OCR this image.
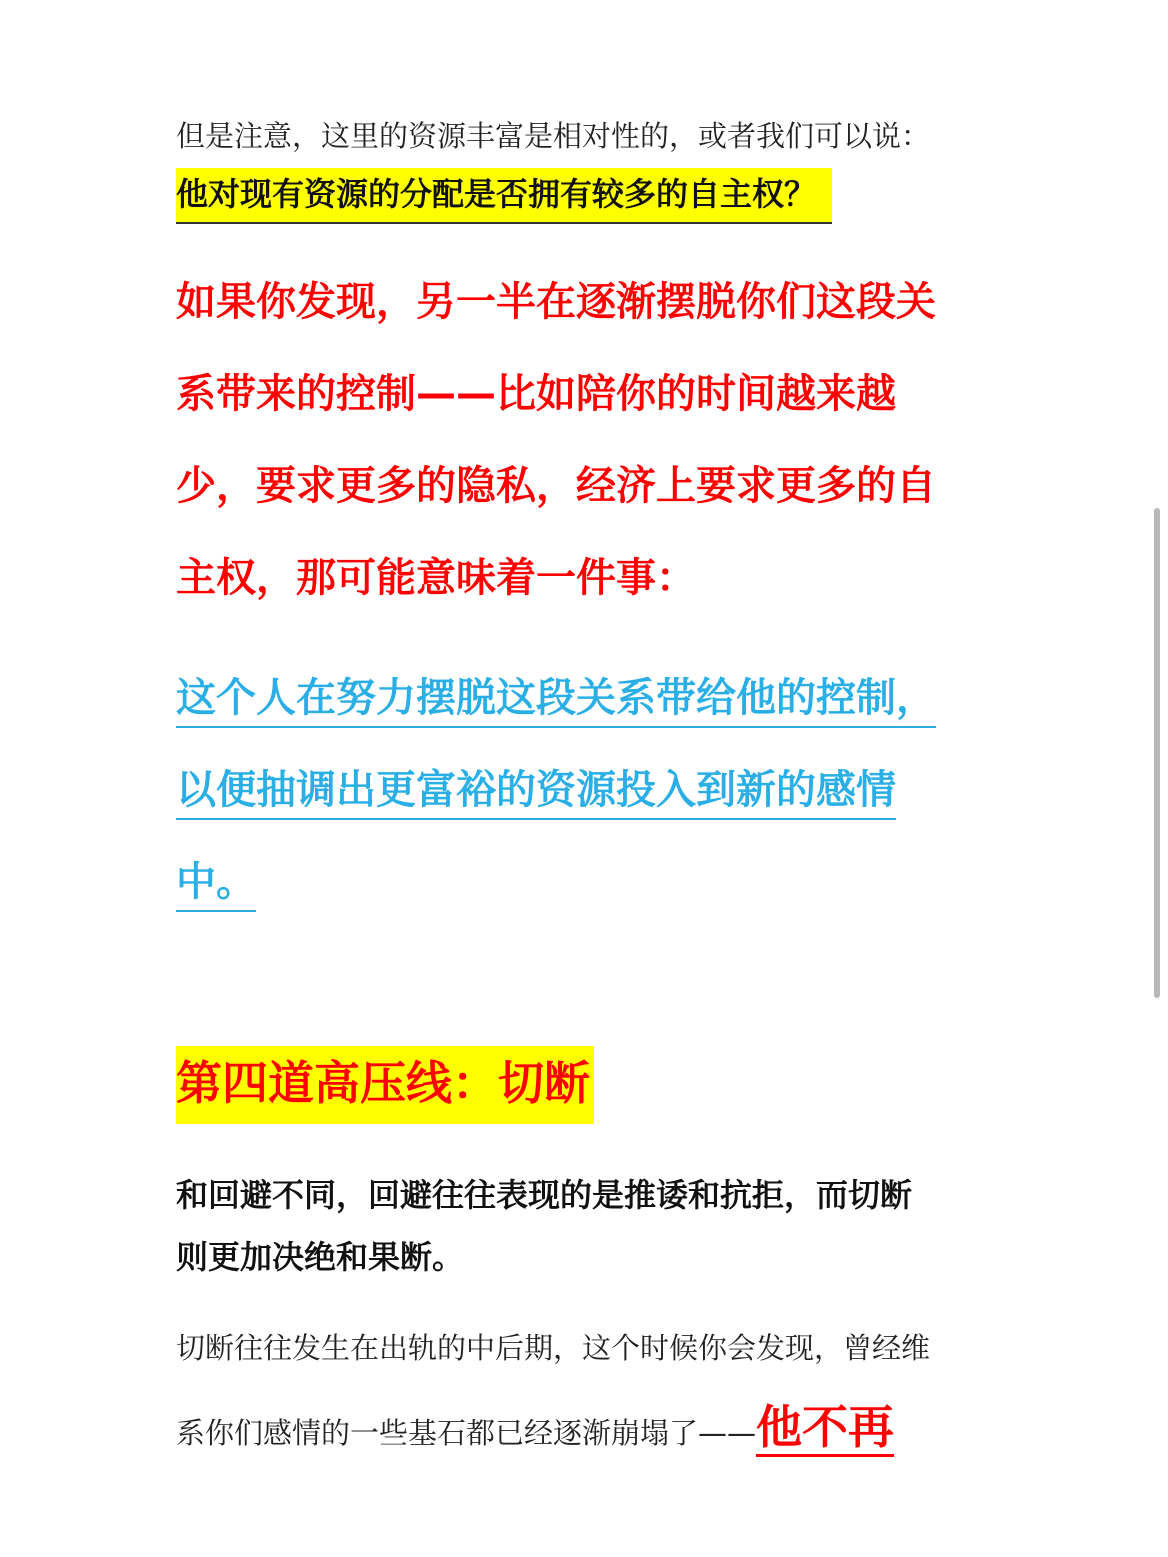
但是注意，这里的资源丰富是相对性的，或者我们可以说：
他对现有资源的分配是否拥有较多的自主权？
如果你发现，另一半在逐渐摆脱你们这段关
系带来的控制——比如陪你的时间越来越
少，要求更多的隐私，经济上要求更多的自
主权，那可能意味着一件事：
这个人在努力摆脱这段关系带给他的控制，
以便抽调出更富裕的资源投入到新的感情
中。
第四道高压线：切断
和回避不同，回避往往表现的是推诿和抗拒，而切断
则更加决绝和果断。
切断往往发生在出轨的中后期，这个时候你会发现，曾经维
系你们感情的一些基石都已经逐渐崩塌了——他不再
